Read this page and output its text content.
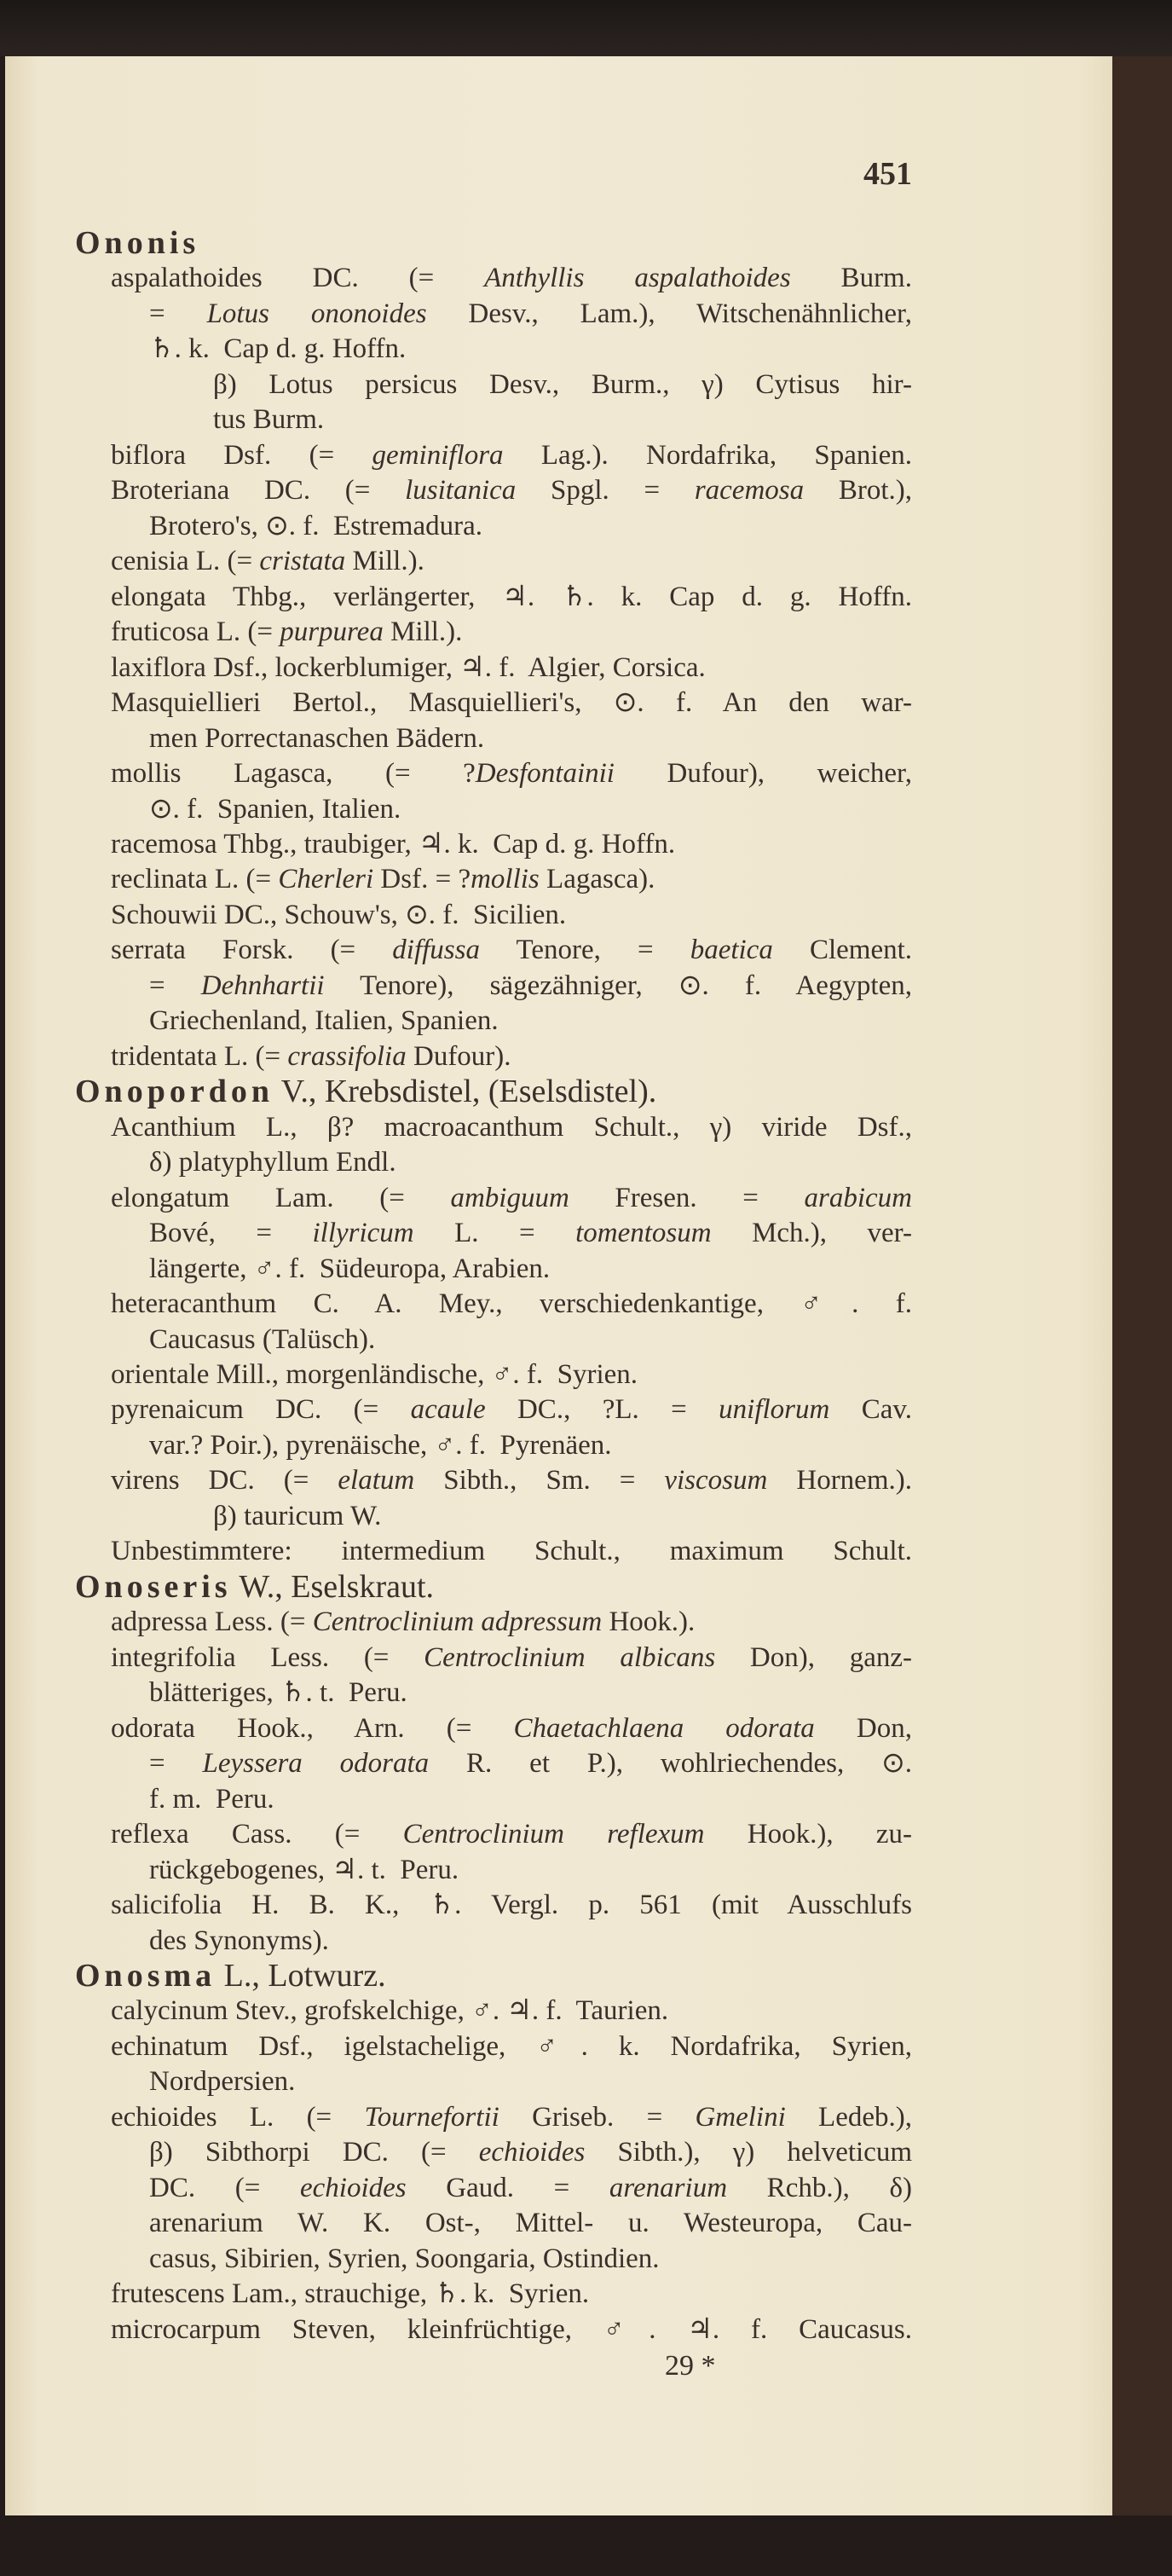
451
Ononis
aspalathoides DC. (= Anthyllis aspalathoides Burm.
= Lotus ononoides Desv., Lam.), Witschenähnlicher,
♄. k.  Cap d. g. Hoffn.
β) Lotus persicus Desv., Burm., γ) Cytisus hir-
tus Burm.
biflora Dsf. (= geminiflora Lag.). Nordafrika, Spanien.
Broteriana DC. (= lusitanica Spgl. = racemosa Brot.),
Brotero's, ⊙. f.  Estremadura.
cenisia L. (= cristata Mill.).
elongata Thbg., verlängerter, ♃. ♄. k. Cap d. g. Hoffn.
fruticosa L. (= purpurea Mill.).
laxiflora Dsf., lockerblumiger, ♃. f.  Algier, Corsica.
Masquiellieri Bertol., Masquiellieri's, ⊙. f. An den war-
men Porrectanaschen Bädern.
mollis Lagasca, (= ?Desfontainii Dufour), weicher,
⊙. f.  Spanien, Italien.
racemosa Thbg., traubiger, ♃. k.  Cap d. g. Hoffn.
reclinata L. (= Cherleri Dsf. = ?mollis Lagasca).
Schouwii DC., Schouw's, ⊙. f.  Sicilien.
serrata Forsk. (= diffussa Tenore, = baetica Clement.
= Dehnhartii Tenore), sägezähniger, ⊙. f. Aegypten,
Griechenland, Italien, Spanien.
tridentata L. (= crassifolia Dufour).
Onopordon V., Krebsdistel, (Eselsdistel).
Acanthium L., β? macroacanthum Schult., γ) viride Dsf.,
δ) platyphyllum Endl.
elongatum Lam. (= ambiguum Fresen. = arabicum
Bové, = illyricum L. = tomentosum Mch.), ver-
längerte, ♂. f.  Südeuropa, Arabien.
heteracanthum C. A. Mey., verschiedenkantige, ♂. f.
Caucasus (Talüsch).
orientale Mill., morgenländische, ♂. f.  Syrien.
pyrenaicum DC. (= acaule DC., ?L. = uniflorum Cav.
var.? Poir.), pyrenäische, ♂. f.  Pyrenäen.
virens DC. (= elatum Sibth., Sm. = viscosum Hornem.).
β) tauricum W.
Unbestimmtere: intermedium Schult., maximum Schult.
Onoseris W., Eselskraut.
adpressa Less. (= Centroclinium adpressum Hook.).
integrifolia Less. (= Centroclinium albicans Don), ganz-
blätteriges, ♄. t.  Peru.
odorata Hook., Arn. (= Chaetachlaena odorata Don,
= Leyssera odorata R. et P.), wohlriechendes, ⊙.
f. m.  Peru.
reflexa Cass. (= Centroclinium reflexum Hook.), zu-
rückgebogenes, ♃. t.  Peru.
salicifolia H. B. K., ♄. Vergl. p. 561 (mit Ausschlufs
des Synonyms).
Onosma L., Lotwurz.
calycinum Stev., grofskelchige, ♂. ♃. f.  Taurien.
echinatum Dsf., igelstachelige, ♂. k. Nordafrika, Syrien,
Nordpersien.
echioides L. (= Tournefortii Griseb. = Gmelini Ledeb.),
β) Sibthorpi DC. (= echioides Sibth.), γ) helveticum
DC. (= echioides Gaud. = arenarium Rchb.), δ)
arenarium W. K. Ost-, Mittel- u. Westeuropa, Cau-
casus, Sibirien, Syrien, Soongaria, Ostindien.
frutescens Lam., strauchige, ♄. k.  Syrien.
microcarpum Steven, kleinfrüchtige, ♂. ♃. f. Caucasus.
29 *
